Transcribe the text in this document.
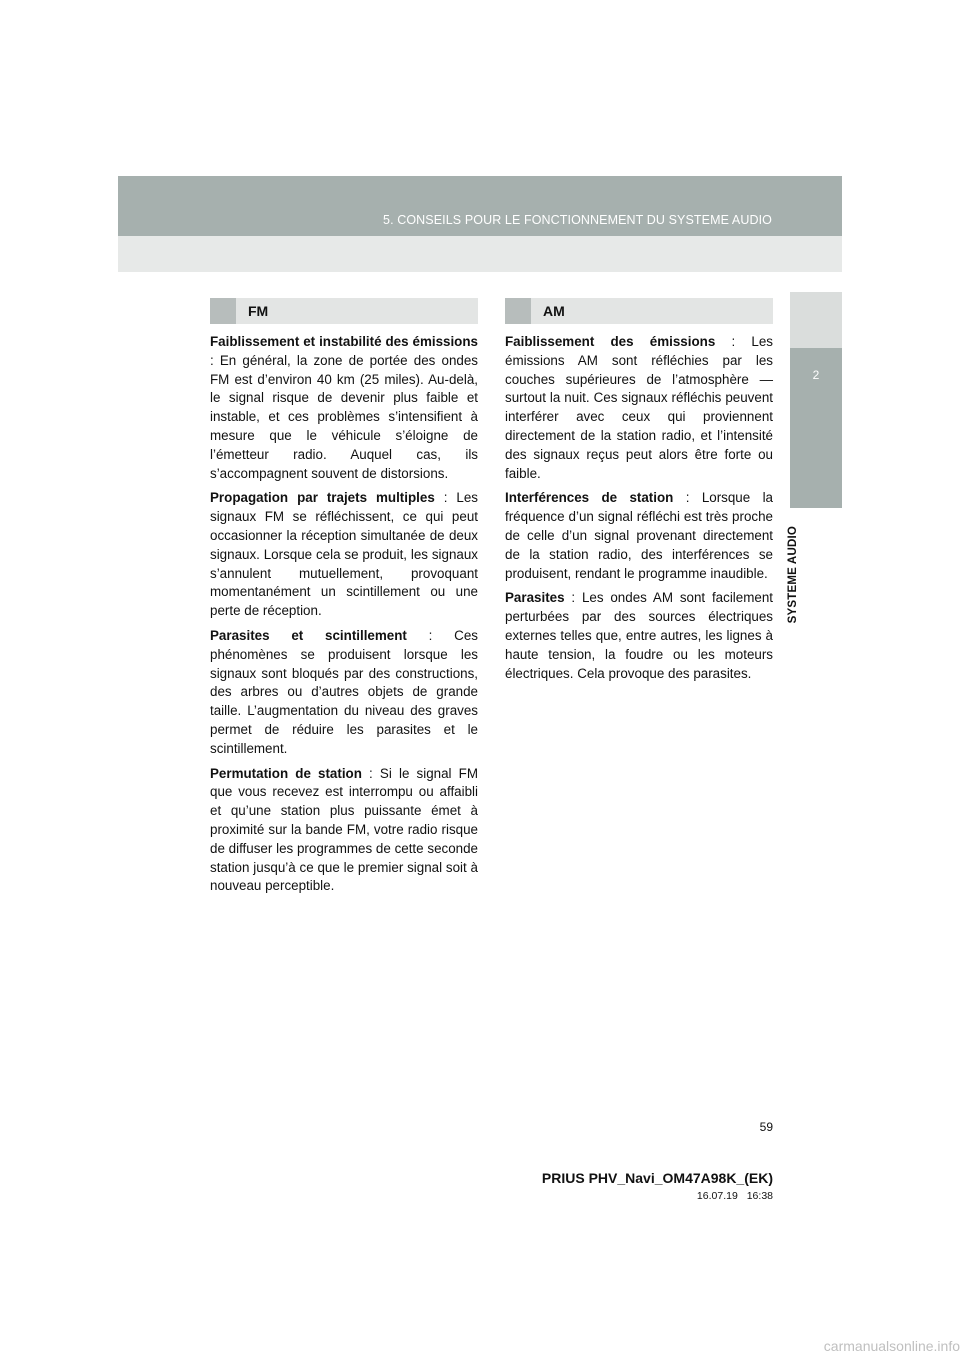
5. CONSEILS POUR LE FONCTIONNEMENT DU SYSTEME AUDIO
2
SYSTEME AUDIO
FM	AM

Faiblissement et instabilité des émissions : En général, la zone de portée des ondes FM est d’environ 40 km (25 miles). Au-delà, le signal risque de devenir plus faible et instable, et ces problèmes s’intensifient à mesure que le véhicule s’éloigne de l’émetteur radio. Auquel cas, ils s’accompagnent souvent de distorsions.

Propagation par trajets multiples : Les signaux FM se réfléchissent, ce qui peut occasionner la réception simultanée de deux signaux. Lorsque cela se produit, les signaux s’annulent mutuellement, provoquant momentanément un scintillement ou une perte de réception.

Parasites et scintillement : Ces phénomènes se produisent lorsque les signaux sont bloqués par des constructions, des arbres ou d’autres objets de grande taille. L’augmentation du niveau des graves permet de réduire les parasites et le scintillement.

Permutation de station : Si le signal FM que vous recevez est interrompu ou affaibli et qu’une station plus puissante émet à proximité sur la bande FM, votre radio risque de diffuser les programmes de cette seconde station jusqu’à ce que le premier signal soit à nouveau perceptible.

Faiblissement des émissions : Les émissions AM sont réfléchies par les couches supérieures de l’atmosphère — surtout la nuit. Ces signaux réfléchis peuvent interférer avec ceux qui proviennent directement de la station radio, et l’intensité des signaux reçus peut alors être forte ou faible.

Interférences de station : Lorsque la fréquence d’un signal réfléchi est très proche de celle d’un signal provenant directement de la station radio, des interférences se produisent, rendant le programme inaudible.

Parasites : Les ondes AM sont facilement perturbées par des sources électriques externes telles que, entre autres, les lignes à haute tension, la foudre ou les moteurs électriques. Cela provoque des parasites.

59
PRIUS PHV_Navi_OM47A98K_(EK)
16.07.19 16:38
carmanualsonline.info
